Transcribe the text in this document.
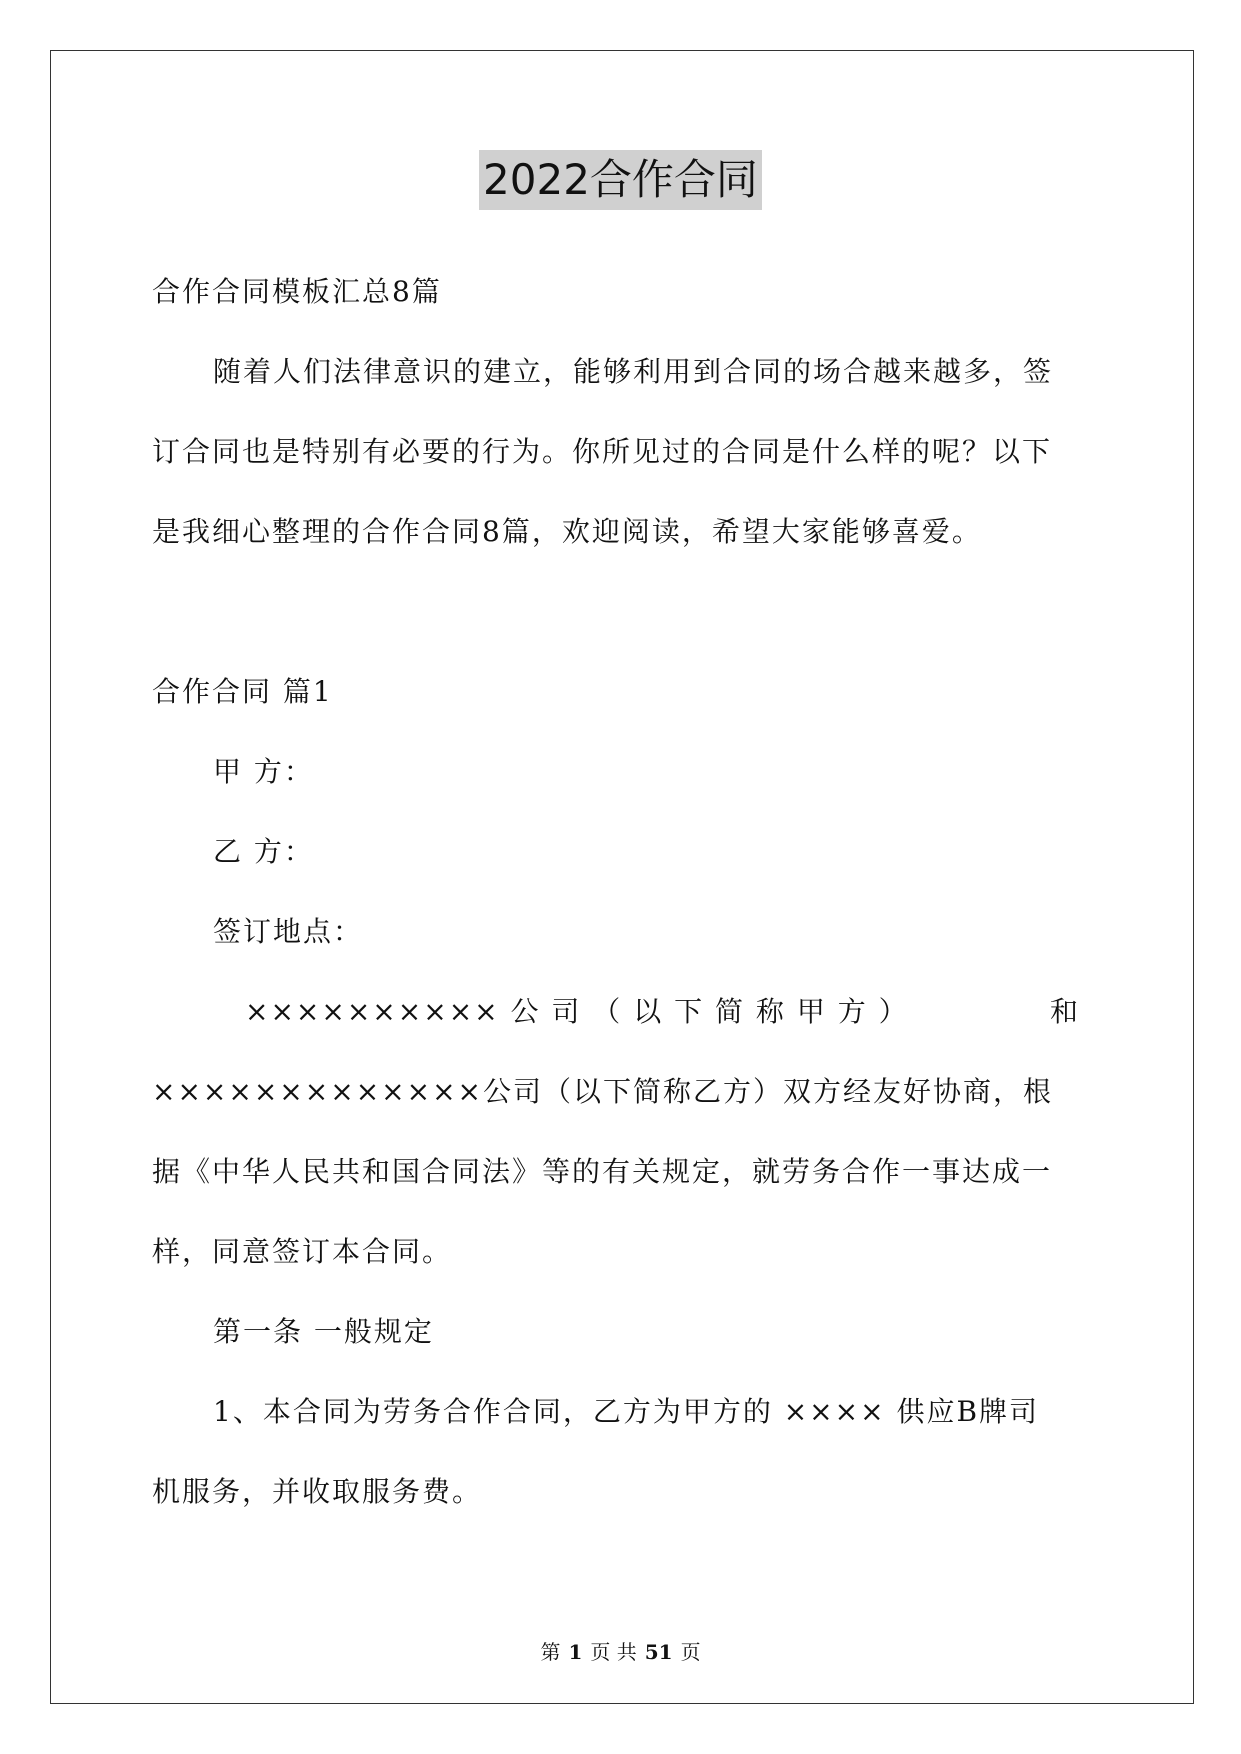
2022合作合同
合作合同模板汇总8篇
随着人们法律意识的建立，能够利用到合同的场合越来越多，签
订合同也是特别有必要的行为。你所见过的合同是什么样的呢？以下
是我细心整理的合作合同8篇，欢迎阅读，希望大家能够喜爱。
合作合同 篇1
甲 方：
乙 方：
签订地点：
×××××××××× 公 司 （ 以 下 简 称 甲 方 ）	和
×××××××××××××公司（以下简称乙方）双方经友好协商，根
据《中华人民共和国合同法》等的有关规定，就劳务合作一事达成一
样，同意签订本合同。
第一条 一般规定
1、本合同为劳务合作合同，乙方为甲方的 ×××× 供应B牌司
机服务，并收取服务费。
第 1 页 共 51 页
